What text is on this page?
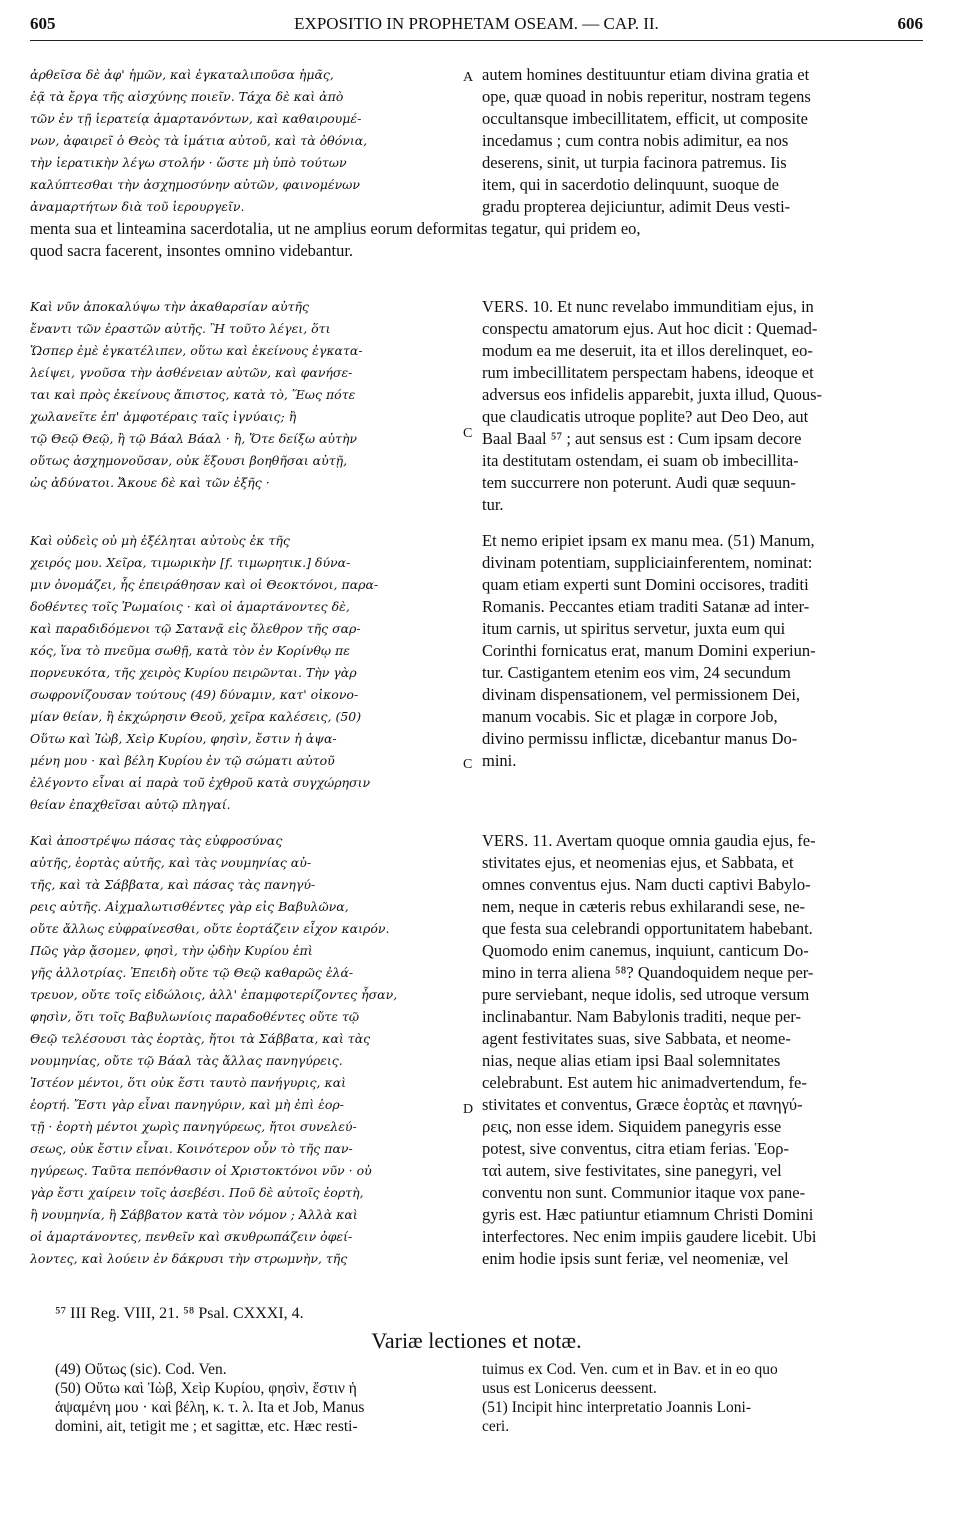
605	EXPOSITIO IN PROPHETAM OSEAM. — CAP. II.	606
A
C
C
D
ἀρθεῖσα δὲ ἀφ' ἡμῶν, καὶ ἐγκαταλιποῦσα ἡμᾶς,
ἐᾷ τὰ ἔργα τῆς αἰσχύνης ποιεῖν. Τάχα δὲ καὶ ἀπὸ
τῶν ἐν τῇ ἱερατείᾳ ἁμαρτανόντων, καὶ καθαιρουμέ-
νων, ἀφαιρεῖ ὁ Θεὸς τὰ ἱμάτια αὐτοῦ, καὶ τὰ ὀθόνια,
τὴν ἱερατικὴν λέγω στολήν · ὥστε μὴ ὑπὸ τούτων
καλύπτεσθαι τὴν ἀσχημοσύνην αὐτῶν, φαινομένων
ἀναμαρτήτων διὰ τοῦ ἱερουργεῖν.
autem homines destituuntur etiam divina gratia et
ope, quæ quoad in nobis reperitur, nostram tegens
occultansque imbecillitatem, efficit, ut composite
incedamus ; cum contra nobis adimitur, ea nos
deserens, sinit, ut turpia facinora patremus. Iis
item, qui in sacerdotio delinquunt, suoque de
gradu propterea dejiciuntur, adimit Deus vesti-
menta sua et linteamina sacerdotalia, ut ne amplius eorum deformitas tegatur, qui pridem eo,
quod sacra facerent, insontes omnino videbantur.
Καὶ νῦν ἀποκαλύψω τὴν ἀκαθαρσίαν αὐτῆς
ἔναντι τῶν ἐραστῶν αὐτῆς. Ἢ τοῦτο λέγει, ὅτι
Ὥσπερ ἐμὲ ἐγκατέλιπεν, οὕτω καὶ ἐκείνους ἐγκατα-
λείψει, γνοῦσα τὴν ἀσθένειαν αὐτῶν, καὶ φανήσε-
ται καὶ πρὸς ἐκείνους ἄπιστος, κατὰ τὸ, Ἕως πότε
χωλανεῖτε ἐπ' ἀμφοτέραις ταῖς ἰγνύαις; ἢ
τῷ Θεῷ Θεῷ, ἢ τῷ Βάαλ Βάαλ · ἢ, Ὅτε δείξω αὐτὴν
οὕτως ἀσχημονοῦσαν, οὐκ ἕξουσι βοηθῆσαι αὐτῇ,
ὡς ἀδύνατοι. Ἄκουε δὲ καὶ τῶν ἑξῆς ·
VERS. 10. Et nunc revelabo immunditiam ejus, in
conspectu amatorum ejus. Aut hoc dicit : Quemad-
modum ea me deseruit, ita et illos derelinquet, eo-
rum imbecillitatem perspectam habens, ideoque et
adversus eos infidelis apparebit, juxta illud, Quous-
que claudicatis utroque poplite? aut Deo Deo, aut
Baal Baal ⁵⁷ ; aut sensus est : Cum ipsam decore
ita destitutam ostendam, ei suam ob imbecillita-
tem succurrere non poterunt. Audi quæ sequun-
tur.
Καὶ οὐδεὶς οὐ μὴ ἐξέληται αὐτοὺς ἐκ τῆς
χειρός μου. Χεῖρα, τιμωρικὴν [f. τιμωρητικ.] δύνα-
μιν ὀνομάζει, ἧς ἐπειράθησαν καὶ οἱ Θεοκτόνοι, παρα-
δοθέντες τοῖς Ῥωμαίοις · καὶ οἱ ἁμαρτάνοντες δὲ,
καὶ παραδιδόμενοι τῷ Σατανᾷ εἰς ὄλεθρον τῆς σαρ-
κός, ἵνα τὸ πνεῦμα σωθῇ, κατὰ τὸν ἐν Κορίνθῳ πε
πορνευκότα, τῆς χειρὸς Κυρίου πειρῶνται. Τὴν γὰρ
σωφρονίζουσαν τούτους (49) δύναμιν, κατ' οἰκονο-
μίαν θείαν, ἢ ἐκχώρησιν Θεοῦ, χεῖρα καλέσεις, (50)
Οὕτω καὶ Ἰὼβ, Χεὶρ Κυρίου, φησὶν, ἔστιν ἡ ἁψα-
μένη μου · καὶ βέλη Κυρίου ἐν τῷ σώματι αὐτοῦ
ἐλέγοντο εἶναι αἱ παρὰ τοῦ ἐχθροῦ κατὰ συγχώρησιν
θείαν ἐπαχθεῖσαι αὐτῷ πληγαί.
Et nemo eripiet ipsam ex manu mea. (51) Manum,
divinam potentiam, suppliciainferentem, nominat:
quam etiam experti sunt Domini occisores, traditi
Romanis. Peccantes etiam traditi Satanæ ad inter-
itum carnis, ut spiritus servetur, juxta eum qui
Corinthi fornicatus erat, manum Domini experiun-
tur. Castigantem etenim eos vim, 24 secundum
divinam dispensationem, vel permissionem Dei,
manum vocabis. Sic et plagæ in corpore Job,
divino permissu inflictæ, dicebantur manus Do-
mini.
Καὶ ἀποστρέψω πάσας τὰς εὐφροσύνας
αὐτῆς, ἑορτὰς αὐτῆς, καὶ τὰς νουμηνίας αὐ-
τῆς, καὶ τὰ Σάββατα, καὶ πάσας τὰς πανηγύ-
ρεις αὐτῆς. Αἰχμαλωτισθέντες γὰρ εἰς Βαβυλῶνα,
οὔτε ἄλλως εὐφραίνεσθαι, οὔτε ἑορτάζειν εἶχον καιρόν.
Πῶς γὰρ ᾄσομεν, φησὶ, τὴν ᾠδὴν Κυρίου ἐπὶ
γῆς ἀλλοτρίας. Ἐπειδὴ οὔτε τῷ Θεῷ καθαρῶς ἐλά-
τρευον, οὔτε τοῖς εἰδώλοις, ἀλλ' ἐπαμφοτερίζοντες ἦσαν,
φησὶν, ὅτι τοῖς Βαβυλωνίοις παραδοθέντες οὔτε τῷ
Θεῷ τελέσουσι τὰς ἑορτὰς, ἤτοι τὰ Σάββατα, καὶ τὰς
νουμηνίας, οὔτε τῷ Βάαλ τὰς ἄλλας πανηγύρεις.
Ἰστέον μέντοι, ὅτι οὐκ ἔστι ταυτὸ πανήγυρις, καὶ
ἑορτή. Ἔστι γὰρ εἶναι πανηγύριν, καὶ μὴ ἐπὶ ἑορ-
τῇ · ἑορτὴ μέντοι χωρὶς πανηγύρεως, ἤτοι συνελεύ-
σεως, οὐκ ἔστιν εἶναι. Κοινότερον οὖν τὸ τῆς παν-
ηγύρεως. Ταῦτα πεπόνθασιν οἱ Χριστοκτόνοι νῦν · οὐ
γὰρ ἔστι χαίρειν τοῖς ἀσεβέσι. Ποῦ δὲ αὐτοῖς ἑορτὴ,
ἢ νουμηνία, ἢ Σάββατον κατὰ τὸν νόμον ; Ἀλλὰ καὶ
οἱ ἁμαρτάνοντες, πενθεῖν καὶ σκυθρωπάζειν ὀφεί-
λοντες, καὶ λούειν ἐν δάκρυσι τὴν στρωμνὴν, τῆς
VERS. 11. Avertam quoque omnia gaudia ejus, fe-
stivitates ejus, et neomenias ejus, et Sabbata, et
omnes conventus ejus. Nam ducti captivi Babylo-
nem, neque in cæteris rebus exhilarandi sese, ne-
que festa sua celebrandi opportunitatem habebant.
Quomodo enim canemus, inquiunt, canticum Do-
mino in terra aliena ⁵⁸? Quandoquidem neque per-
pure serviebant, neque idolis, sed utroque versum
inclinabantur. Nam Babylonis traditi, neque per-
agent festivitates suas, sive Sabbata, et neome-
nias, neque alias etiam ipsi Baal solemnitates
celebrabunt. Est autem hic animadvertendum, fe-
stivitates et conventus, Græce ἑορτὰς et πανηγύ-
ρεις, non esse idem. Siquidem panegyris esse
potest, sive conventus, citra etiam ferias. Ἑορ-
ταὶ autem, sive festivitates, sine panegyri, vel
conventu non sunt. Communior itaque vox pane-
gyris est. Hæc patiuntur etiamnum Christi Domini
interfectores. Nec enim impiis gaudere licebit. Ubi
enim hodie ipsis sunt feriæ, vel neomeniæ, vel
⁵⁷ III Reg. VIII, 21. ⁵⁸ Psal. CXXXI, 4.
Variæ lectiones et notæ.
(49) Οὕτως (sic). Cod. Ven.
(50) Οὕτω καὶ Ἰὼβ, Χεὶρ Κυρίου, φησὶν, ἔστιν ἡ
ἁψαμένη μου · καὶ βέλη, κ. τ. λ. Ita et Job, Manus
domini, ait, tetigit me ; et sagittæ, etc. Hæc resti-
tuimus ex Cod. Ven. cum et in Bav. et in eo quo
usus est Lonicerus deessent.
(51) Incipit hinc interpretatio Joannis Loni-
ceri.
